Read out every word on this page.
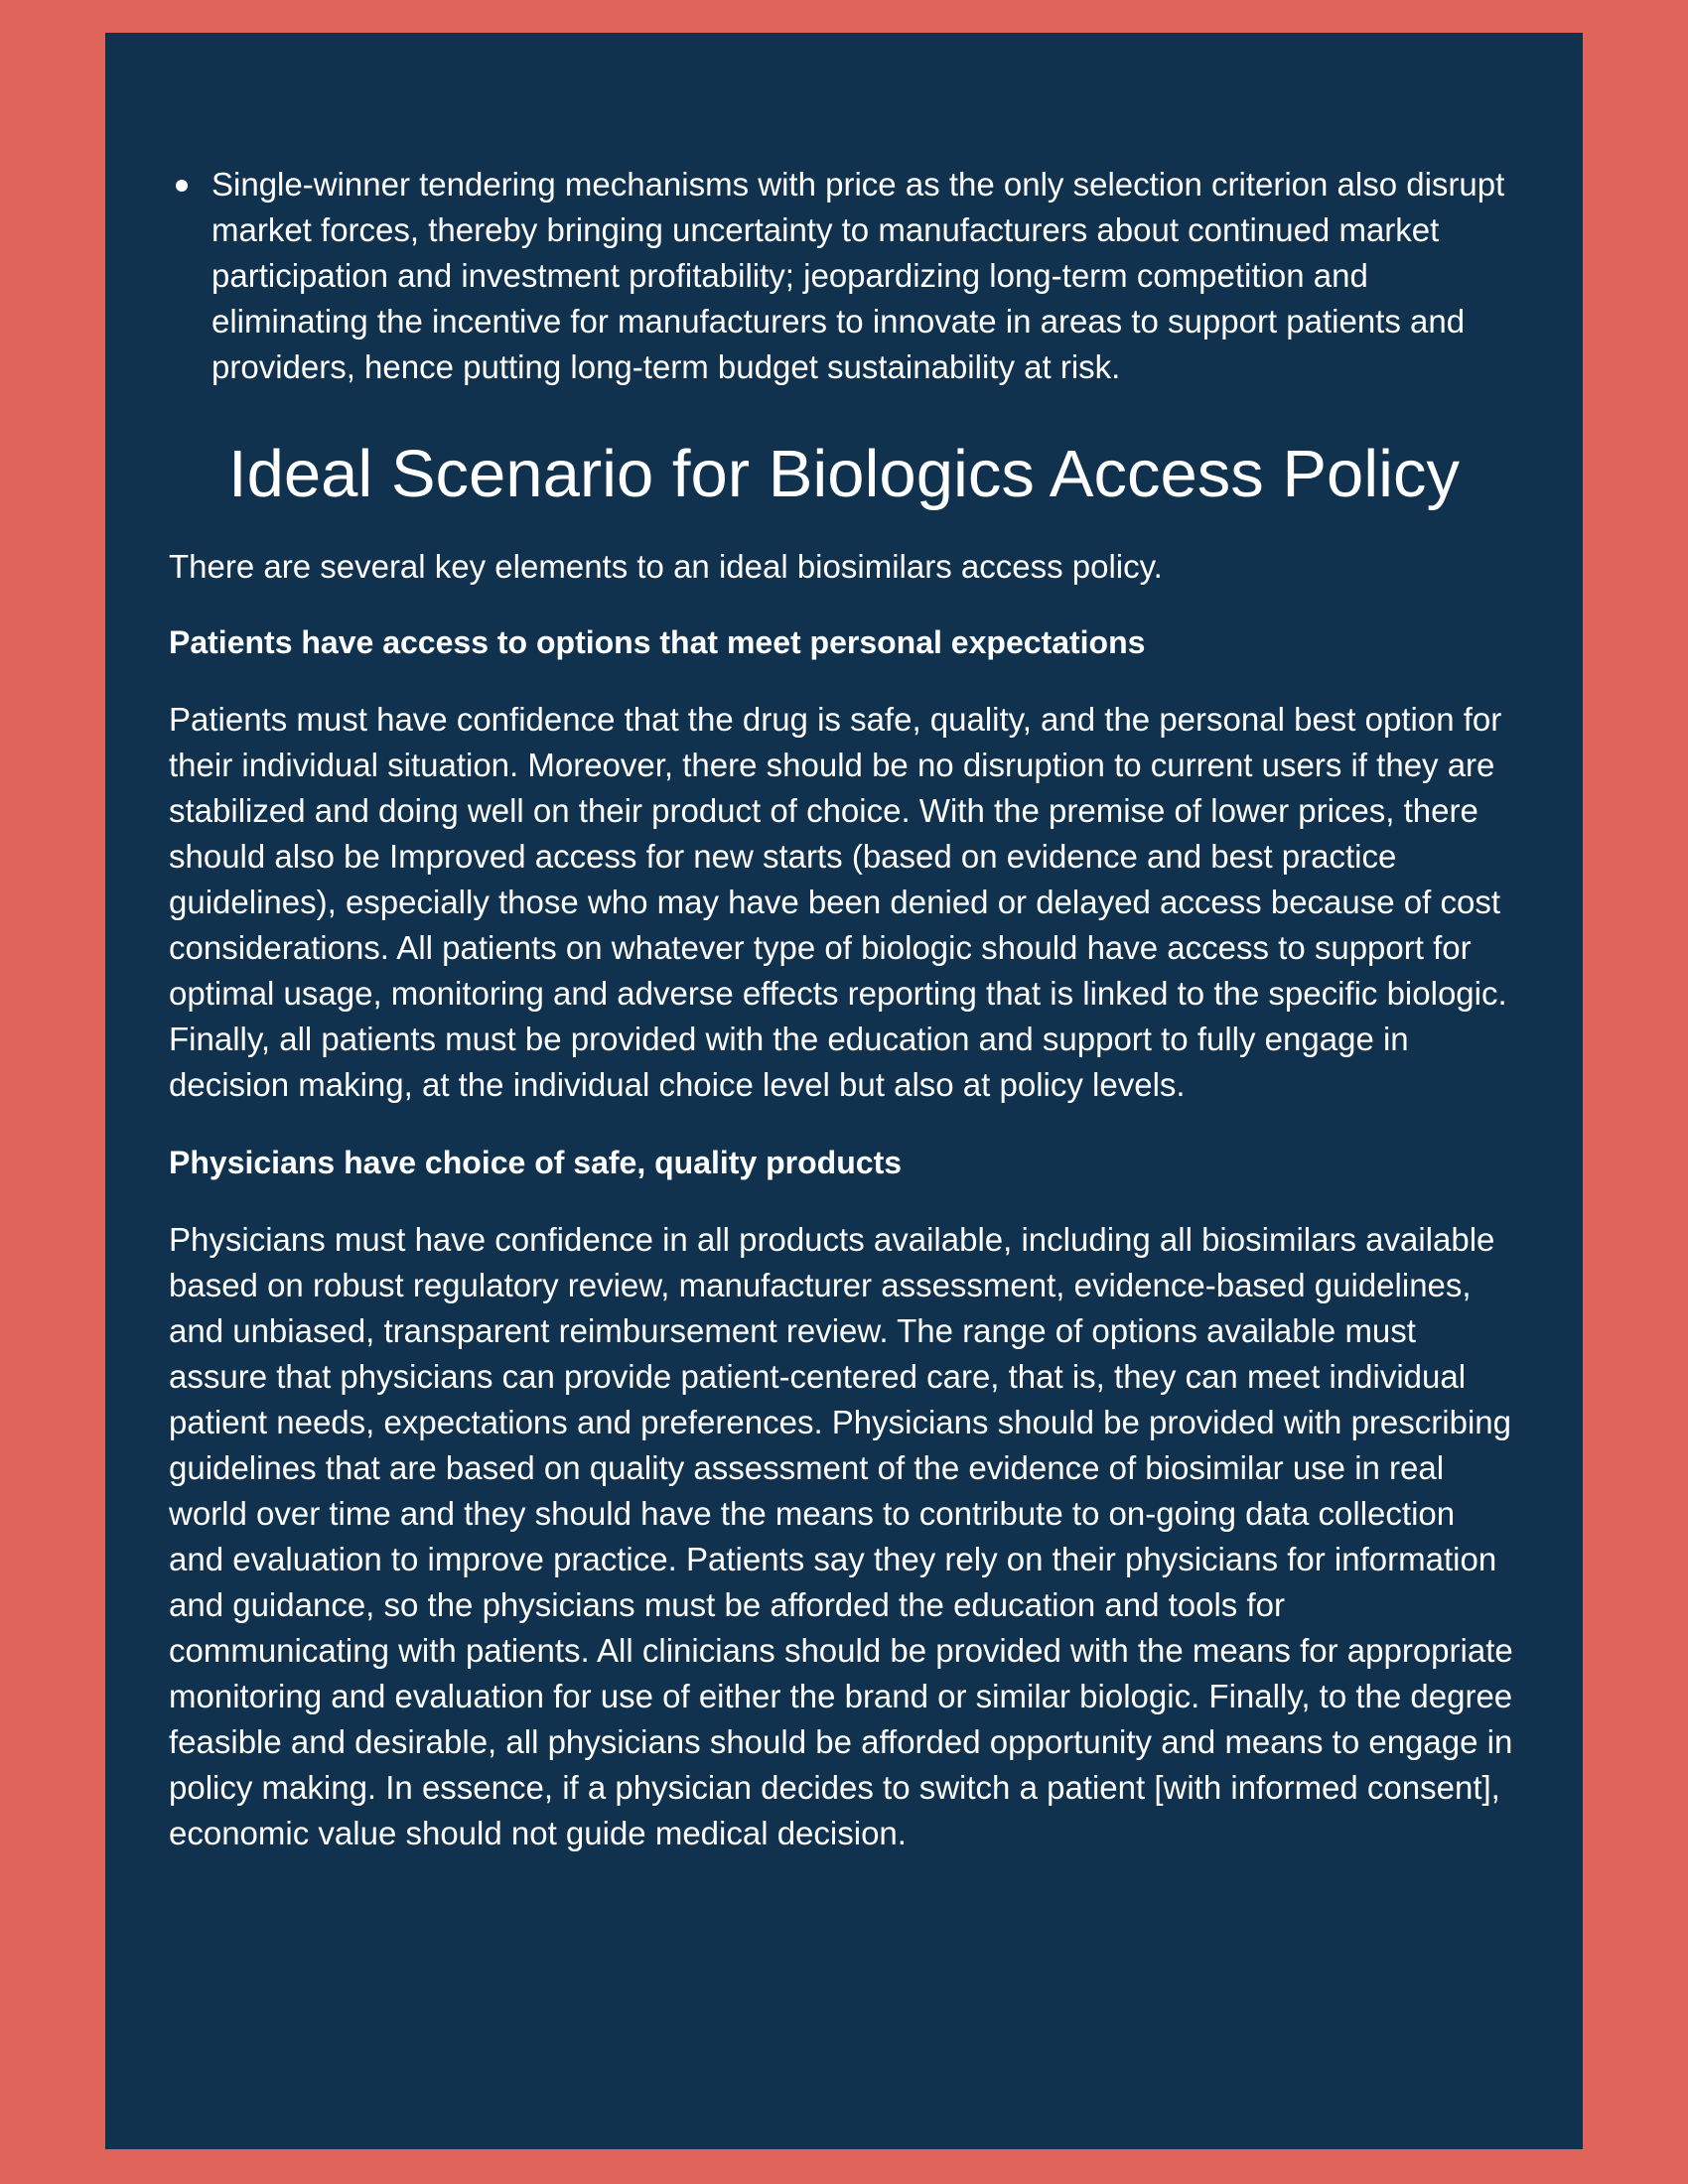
Single-winner tendering mechanisms with price as the only selection criterion also disrupt market forces, thereby bringing uncertainty to manufacturers about continued market participation and investment profitability; jeopardizing long-term competition and eliminating the incentive for manufacturers to innovate in areas to support patients and providers, hence putting long-term budget sustainability at risk.
Ideal Scenario for Biologics Access Policy

There are several key elements to an ideal biosimilars access policy.

Patients have access to options that meet personal expectations

Patients must have confidence that the drug is safe, quality, and the personal best option for their individual situation. Moreover, there should be no disruption to current users if they are stabilized and doing well on their product of choice. With the premise of lower prices, there should also be Improved access for new starts (based on evidence and best practice guidelines), especially those who may have been denied or delayed access because of cost considerations. All patients on whatever type of biologic should have access to support for optimal usage, monitoring and adverse effects reporting that is linked to the specific biologic. Finally, all patients must be provided with the education and support to fully engage in decision making, at the individual choice level but also at policy levels.

Physicians have choice of safe, quality products

Physicians must have confidence in all products available, including all biosimilars available based on robust regulatory review, manufacturer assessment, evidence-based guidelines, and unbiased, transparent reimbursement review. The range of options available must assure that physicians can provide patient-centered care, that is, they can meet individual patient needs, expectations and preferences. Physicians should be provided with prescribing guidelines that are based on quality assessment of the evidence of biosimilar use in real world over time and they should have the means to contribute to on-going data collection and evaluation to improve practice. Patients say they rely on their physicians for information and guidance, so the physicians must be afforded the education and tools for communicating with patients. All clinicians should be provided with the means for appropriate monitoring and evaluation for use of either the brand or similar biologic. Finally, to the degree feasible and desirable, all physicians should be afforded opportunity and means to engage in policy making. In essence, if a physician decides to switch a patient [with informed consent], economic value should not guide medical decision.
